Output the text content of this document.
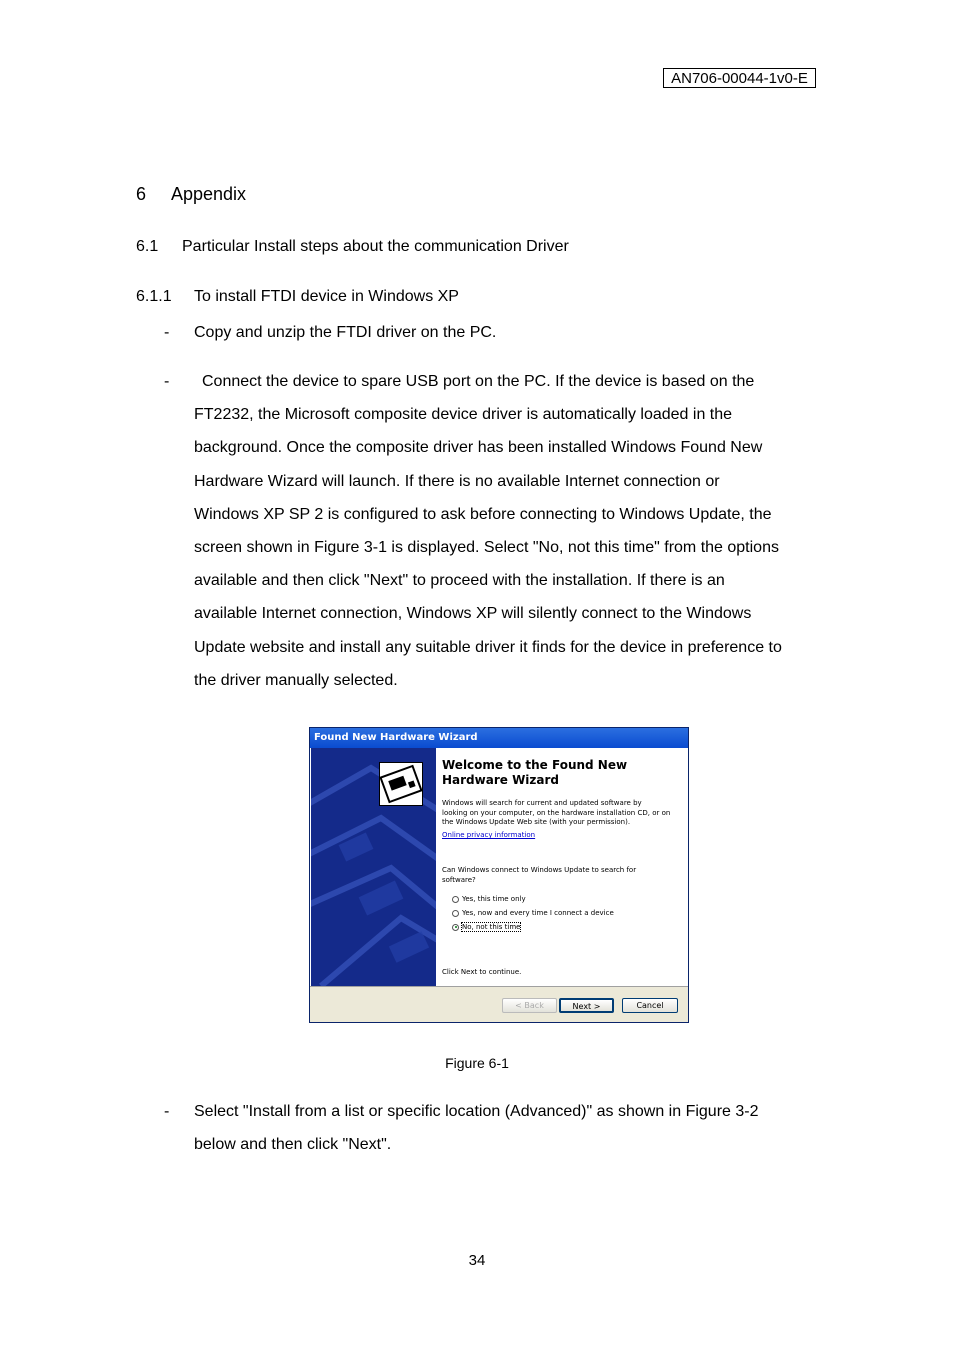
AN706-00044-1v0-E
6 Appendix
6.1 Particular Install steps about the communication Driver
6.1.1 To install FTDI device in Windows XP
- Copy and unzip the FTDI driver on the PC.
-	Connect the device to spare USB port on the PC. If the device is based on the
FT2232, the Microsoft composite device driver is automatically loaded in the
background. Once the composite driver has been installed Windows Found New
Hardware Wizard will launch. If there is no available Internet connection or
Windows XP SP 2 is configured to ask before connecting to Windows Update, the
screen shown in Figure 3-1 is displayed. Select "No, not this time" from the options
available and then click "Next" to proceed with the installation. If there is an
available Internet connection, Windows XP will silently connect to the Windows
Update website and install any suitable driver it finds for the device in preference to
the driver manually selected.
Found New Hardware Wizard
Welcome to the Found New
Hardware Wizard
Windows will search for current and updated software by
looking on your computer, on the hardware installation CD, or on
the Windows Update Web site (with your permission).
Online privacy information
Can Windows connect to Windows Update to search for
software?
Yes, this time only
Yes, now and every time I connect a device
No, not this time
Click Next to continue.
< Back	Next >	Cancel
Figure 6-1
- Select "Install from a list or specific location (Advanced)" as shown in Figure 3-2
below and then click "Next".
34
